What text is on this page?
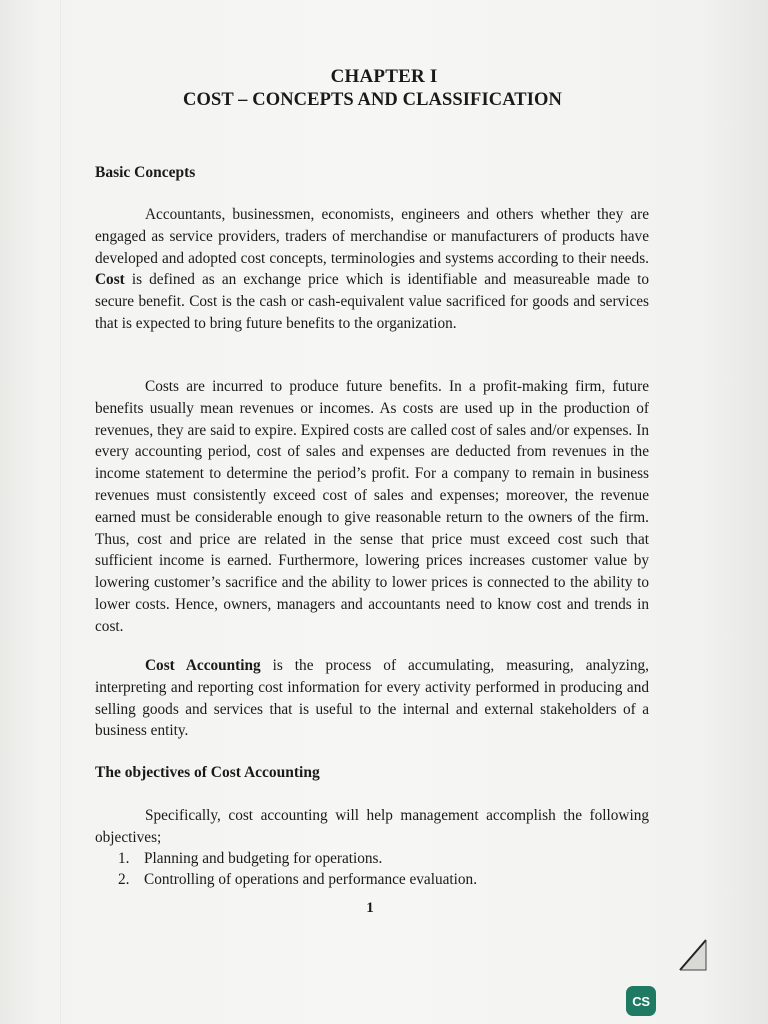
CHAPTER I
COST – CONCEPTS AND CLASSIFICATION
Basic Concepts
Accountants, businessmen, economists, engineers and others whether they are engaged as service providers, traders of merchandise or manufacturers of products have developed and adopted cost concepts, terminologies and systems according to their needs. Cost is defined as an exchange price which is identifiable and measureable made to secure benefit. Cost is the cash or cash-equivalent value sacrificed for goods and services that is expected to bring future benefits to the organization.
Costs are incurred to produce future benefits. In a profit-making firm, future benefits usually mean revenues or incomes. As costs are used up in the production of revenues, they are said to expire. Expired costs are called cost of sales and/or expenses. In every accounting period, cost of sales and expenses are deducted from revenues in the income statement to determine the period’s profit. For a company to remain in business revenues must consistently exceed cost of sales and expenses; moreover, the revenue earned must be considerable enough to give reasonable return to the owners of the firm. Thus, cost and price are related in the sense that price must exceed cost such that sufficient income is earned. Furthermore, lowering prices increases customer value by lowering customer’s sacrifice and the ability to lower prices is connected to the ability to lower costs. Hence, owners, managers and accountants need to know cost and trends in cost.
Cost Accounting is the process of accumulating, measuring, analyzing, interpreting and reporting cost information for every activity performed in producing and selling goods and services that is useful to the internal and external stakeholders of a business entity.
The objectives of Cost Accounting
Specifically, cost accounting will help management accomplish the following objectives;
1. Planning and budgeting for operations.
2. Controlling of operations and performance evaluation.
1
CS
